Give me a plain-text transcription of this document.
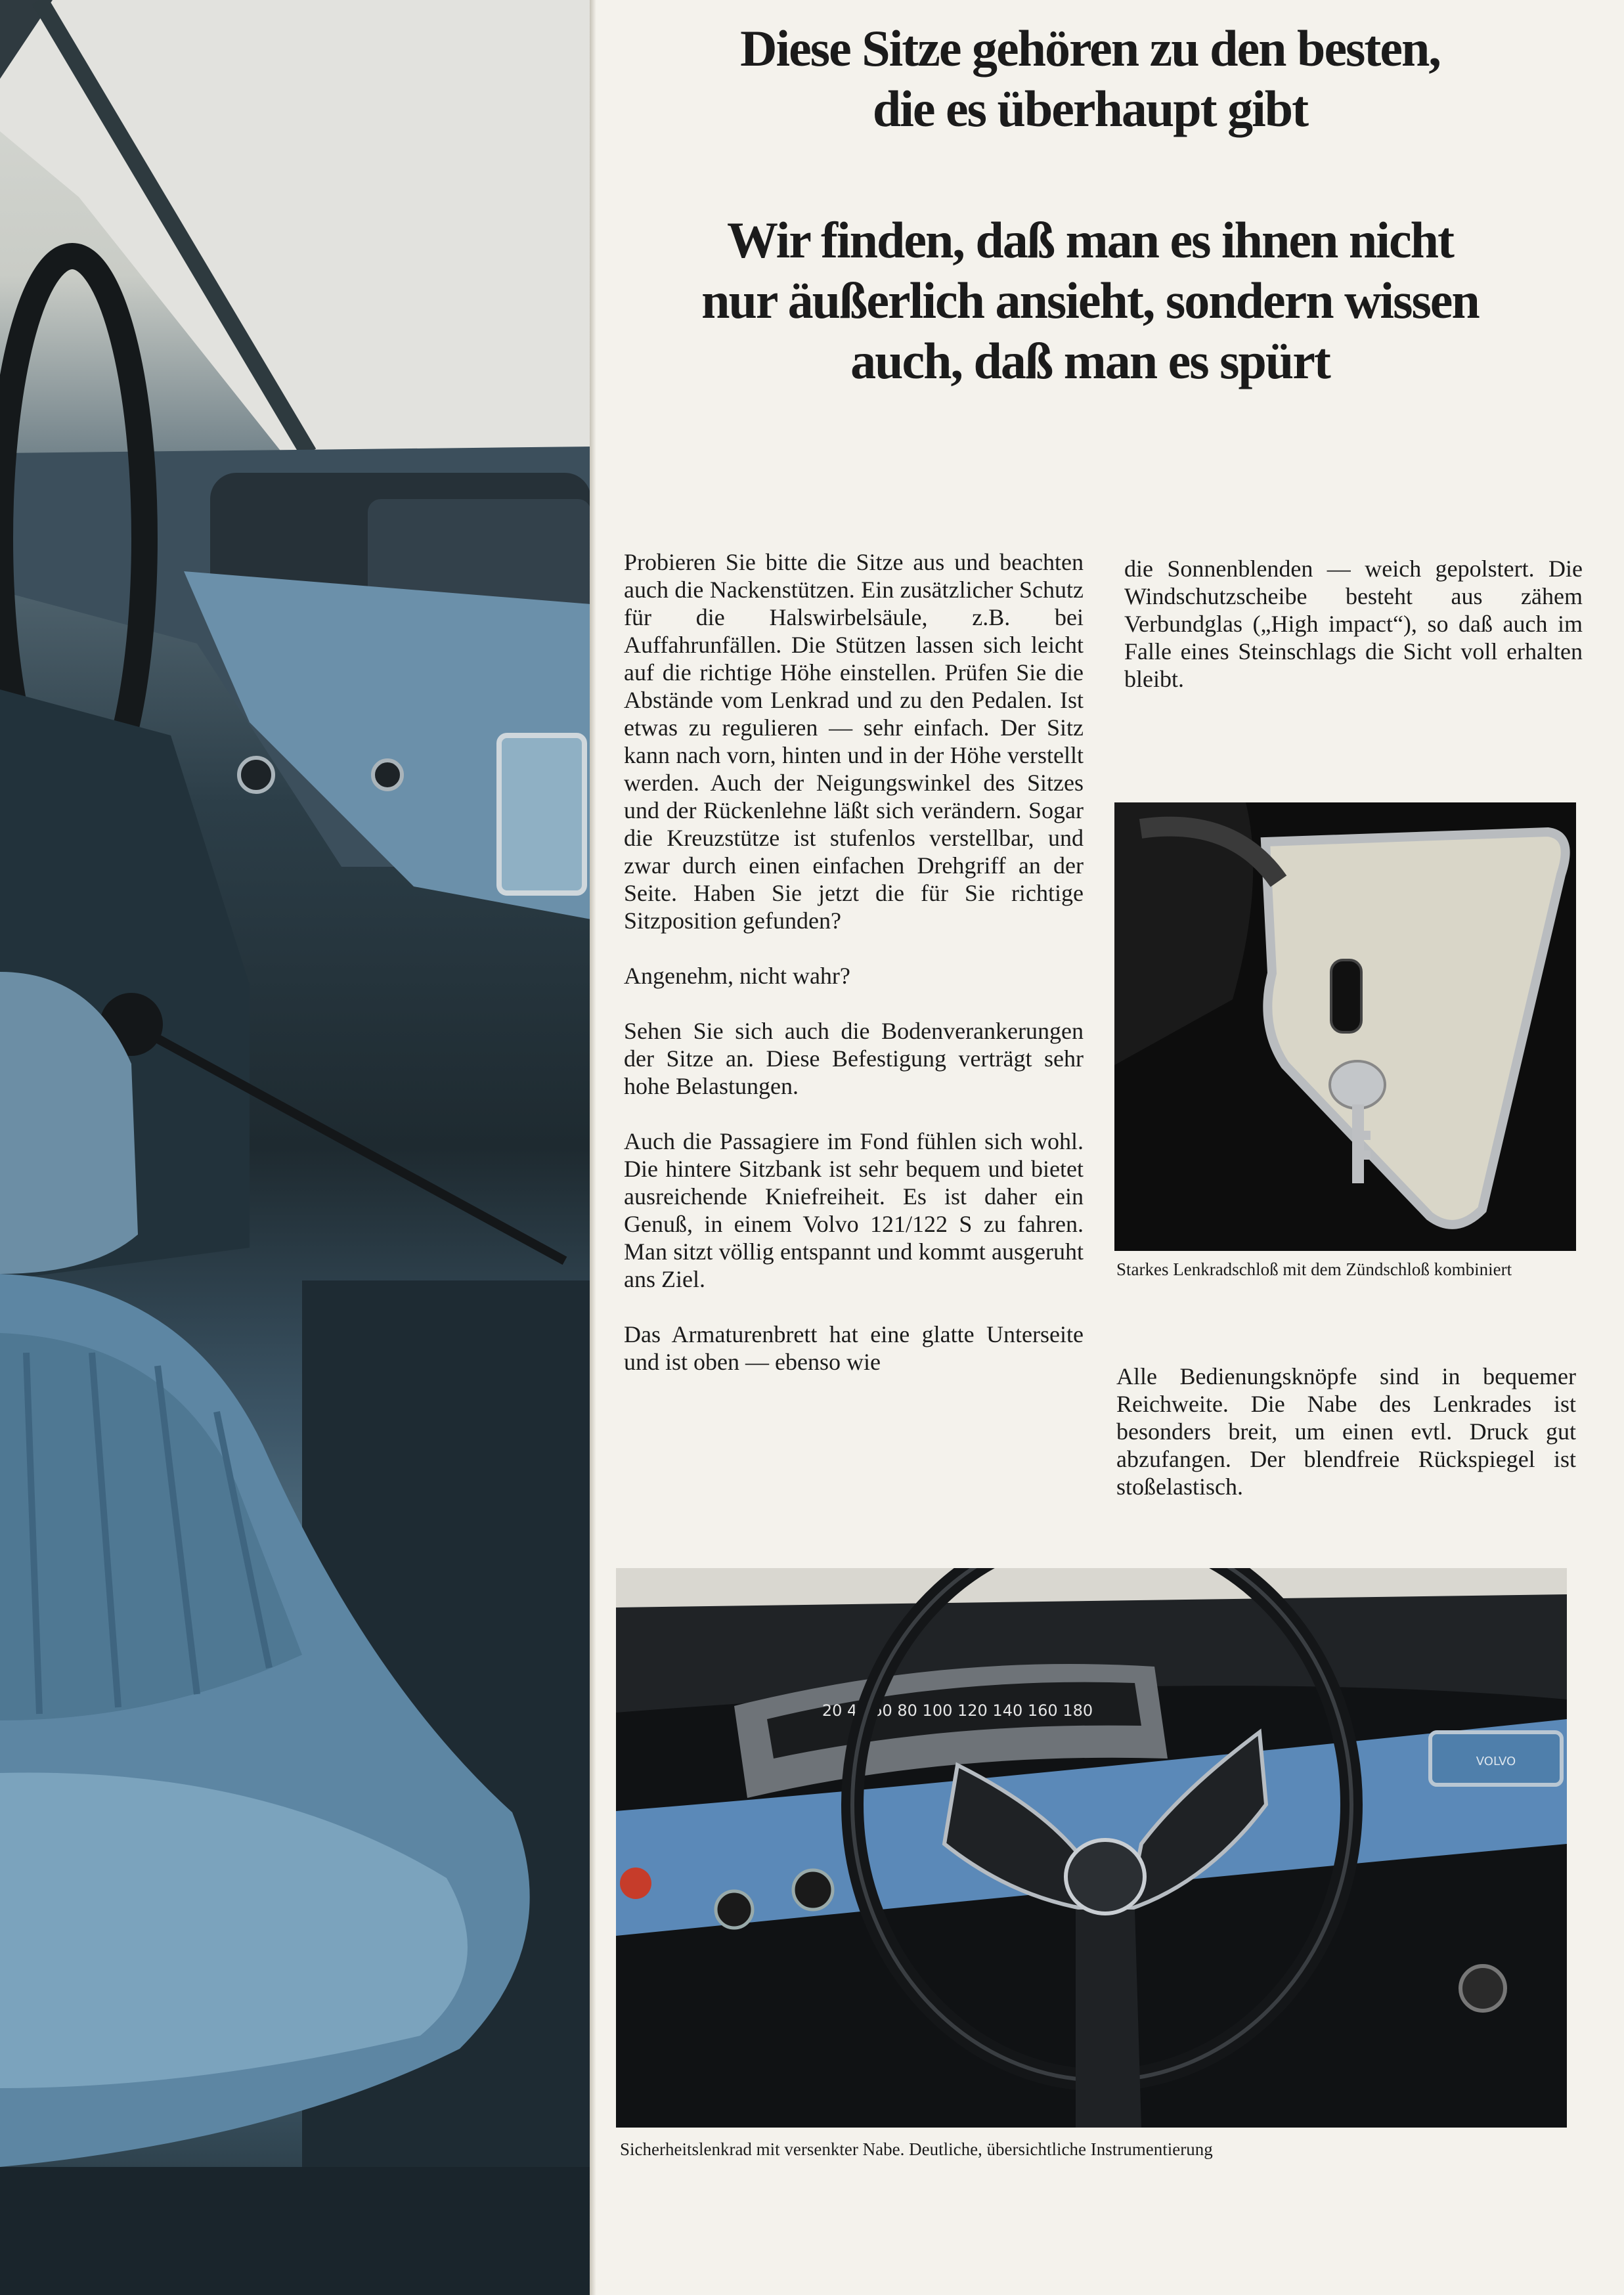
Diese Sitze gehören zu den besten,
die es überhaupt gibt
Wir finden, daß man es ihnen nicht
nur äußerlich ansieht, sondern wissen
auch, daß man es spürt

Probieren Sie bitte die Sitze aus und beachten auch die Nackenstützen. Ein zusätzlicher Schutz für die Halswirbelsäule, z.B. bei Auffahrunfällen. Die Stützen lassen sich leicht auf die richtige Höhe einstellen. Prüfen Sie die Abstände vom Lenkrad und zu den Pedalen. Ist etwas zu regulieren — sehr einfach. Der Sitz kann nach vorn, hinten und in der Höhe verstellt werden. Auch der Neigungswinkel des Sitzes und der Rückenlehne läßt sich verändern. Sogar die Kreuzstütze ist stufenlos verstellbar, und zwar durch einen einfachen Drehgriff an der Seite. Haben Sie jetzt die für Sie richtige Sitzposition gefunden?

Angenehm, nicht wahr?

Sehen Sie sich auch die Bodenverankerungen der Sitze an. Diese Befestigung verträgt sehr hohe Belastungen.

Auch die Passagiere im Fond fühlen sich wohl. Die hintere Sitzbank ist sehr bequem und bietet ausreichende Kniefreiheit. Es ist daher ein Genuß, in einem Volvo 121/122 S zu fahren. Man sitzt völlig entspannt und kommt ausgeruht ans Ziel.

Das Armaturenbrett hat eine glatte Unterseite und ist oben — ebenso wie

die Sonnenblenden — weich gepolstert. Die Windschutzscheibe besteht aus zähem Verbundglas („High impact“), so daß auch im Falle eines Steinschlags die Sicht voll erhalten bleibt.

Starkes Lenkradschloß mit dem Zündschloß kombiniert

Alle Bedienungsknöpfe sind in bequemer Reichweite. Die Nabe des Lenkrades ist besonders breit, um einen evtl. Druck gut abzufangen. Der blendfreie Rückspiegel ist stoßelastisch.

VOLVO
20 40 60 80 100 120 140 160 180
Sicherheitslenkrad mit versenkter Nabe. Deutliche, übersichtliche Instrumentierung
